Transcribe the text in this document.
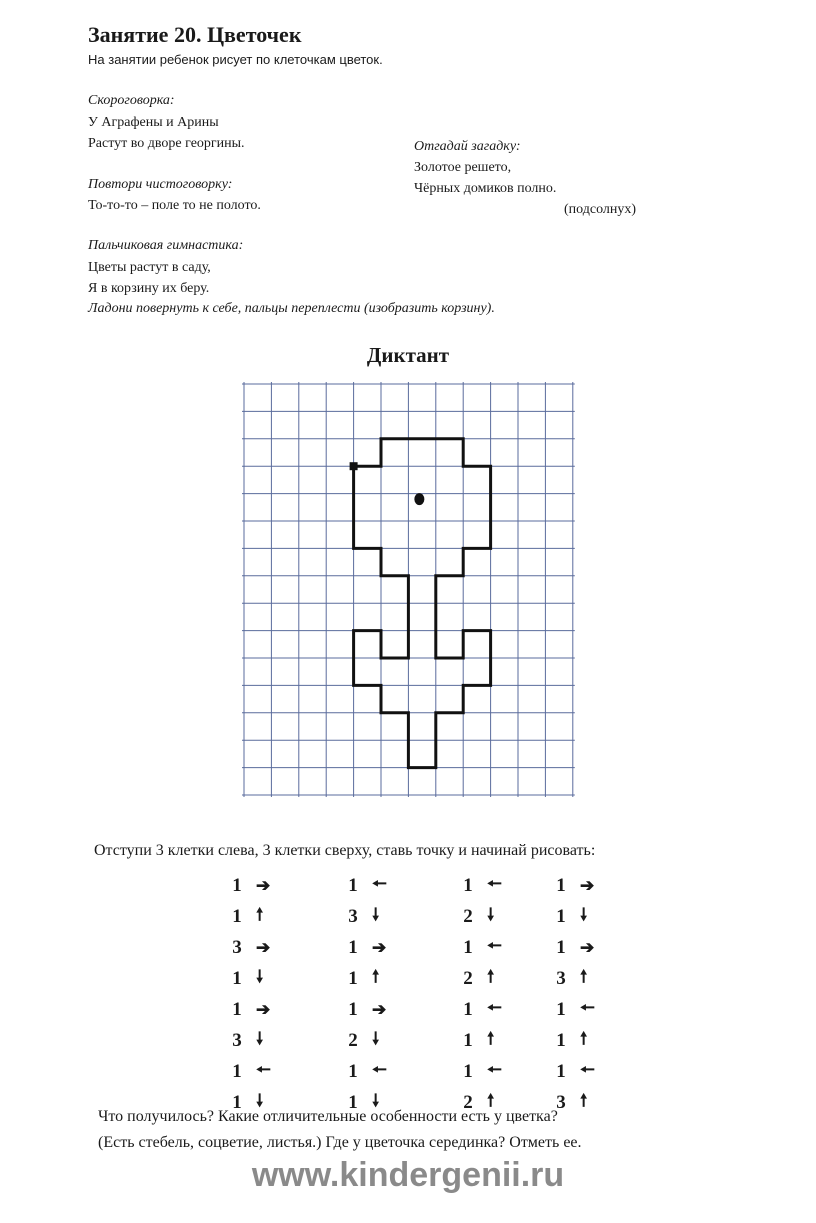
Занятие 20. Цветочек
На занятии ребенок рисует по клеточкам цветок.
Скороговорка:
У Аграфены и Арины
Растут во дворе георгины.
Повтори чистоговорку:
То-то-то – поле то не полото.
Отгадай загадку:
Золотое решето,
Чёрных домиков полно.
(подсолнух)
Пальчиковая гимнастика:
Цветы растут в саду,
Я в корзину их беру.
Ладони повернуть к себе, пальцы переплести (изобразить корзину).
Диктант
Отступи 3 клетки слева, 3 клетки сверху, ставь точку и начинай рисовать:
1 ➔
1 🠕
3 ➔
1 🠗
1 ➔
3 🠗
1 🠔
1 🠗
1 🠔
3 🠗
1 ➔
1 🠕
1 ➔
2 🠗
1 🠔
1 🠗
1 🠔
2 🠗
1 🠔
2 🠕
1 🠔
1 🠕
1 🠔
2 🠕
1 ➔
1 🠗
1 ➔
3 🠕
1 🠔
1 🠕
1 🠔
3 🠕
Что получилось? Какие отличительные особенности есть у цветка?
(Есть стебель, соцветие, листья.) Где у цветочка серединка? Отметь ее.
www.kindergenii.ru
